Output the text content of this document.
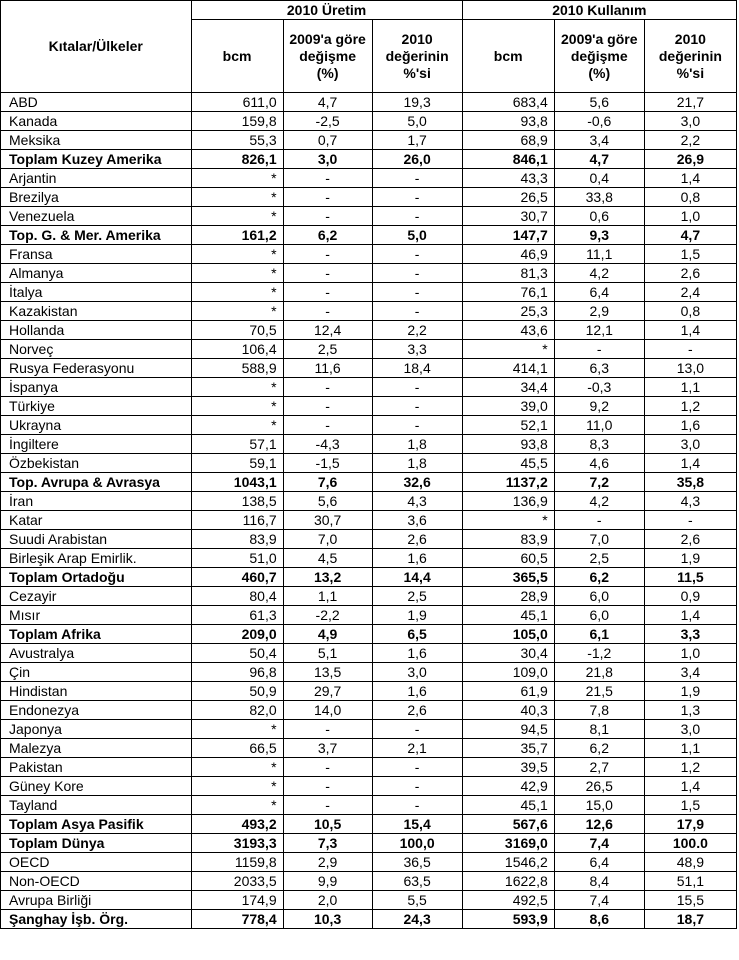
Kıtalar/Ülkeler	2010 Üretim			2010 Kullanım		
	bcm	2009'a göre değişme (%)	2010 değerinin %'si	bcm	2009'a göre değişme (%)	2010 değerinin %'si
ABD	611,0	4,7	19,3	683,4	5,6	21,7
Kanada	159,8	-2,5	5,0	93,8	-0,6	3,0
Meksika	55,3	0,7	1,7	68,9	3,4	2,2
Toplam Kuzey Amerika	826,1	3,0	26,0	846,1	4,7	26,9
Arjantin	*	-	-	43,3	0,4	1,4
Brezilya	*	-	-	26,5	33,8	0,8
Venezuela	*	-	-	30,7	0,6	1,0
Top. G. & Mer. Amerika	161,2	6,2	5,0	147,7	9,3	4,7
Fransa	*	-	-	46,9	11,1	1,5
Almanya	*	-	-	81,3	4,2	2,6
İtalya	*	-	-	76,1	6,4	2,4
Kazakistan	*	-	-	25,3	2,9	0,8
Hollanda	70,5	12,4	2,2	43,6	12,1	1,4
Norveç	106,4	2,5	3,3	*	-	-
Rusya Federasyonu	588,9	11,6	18,4	414,1	6,3	13,0
İspanya	*	-	-	34,4	-0,3	1,1
Türkiye	*	-	-	39,0	9,2	1,2
Ukrayna	*	-	-	52,1	11,0	1,6
İngiltere	57,1	-4,3	1,8	93,8	8,3	3,0
Özbekistan	59,1	-1,5	1,8	45,5	4,6	1,4
Top. Avrupa & Avrasya	1043,1	7,6	32,6	1137,2	7,2	35,8
İran	138,5	5,6	4,3	136,9	4,2	4,3
Katar	116,7	30,7	3,6	*	-	-
Suudi Arabistan	83,9	7,0	2,6	83,9	7,0	2,6
Birleşik Arap Emirlik.	51,0	4,5	1,6	60,5	2,5	1,9
Toplam Ortadoğu	460,7	13,2	14,4	365,5	6,2	11,5
Cezayir	80,4	1,1	2,5	28,9	6,0	0,9
Mısır	61,3	-2,2	1,9	45,1	6,0	1,4
Toplam Afrika	209,0	4,9	6,5	105,0	6,1	3,3
Avustralya	50,4	5,1	1,6	30,4	-1,2	1,0
Çin	96,8	13,5	3,0	109,0	21,8	3,4
Hindistan	50,9	29,7	1,6	61,9	21,5	1,9
Endonezya	82,0	14,0	2,6	40,3	7,8	1,3
Japonya	*	-	-	94,5	8,1	3,0
Malezya	66,5	3,7	2,1	35,7	6,2	1,1
Pakistan	*	-	-	39,5	2,7	1,2
Güney Kore	*	-	-	42,9	26,5	1,4
Tayland	*	-	-	45,1	15,0	1,5
Toplam Asya Pasifik	493,2	10,5	15,4	567,6	12,6	17,9
Toplam Dünya	3193,3	7,3	100,0	3169,0	7,4	100.0
OECD	1159,8	2,9	36,5	1546,2	6,4	48,9
Non-OECD	2033,5	9,9	63,5	1622,8	8,4	51,1
Avrupa Birliği	174,9	2,0	5,5	492,5	7,4	15,5
Şanghay İşb. Örg.	778,4	10,3	24,3	593,9	8,6	18,7
